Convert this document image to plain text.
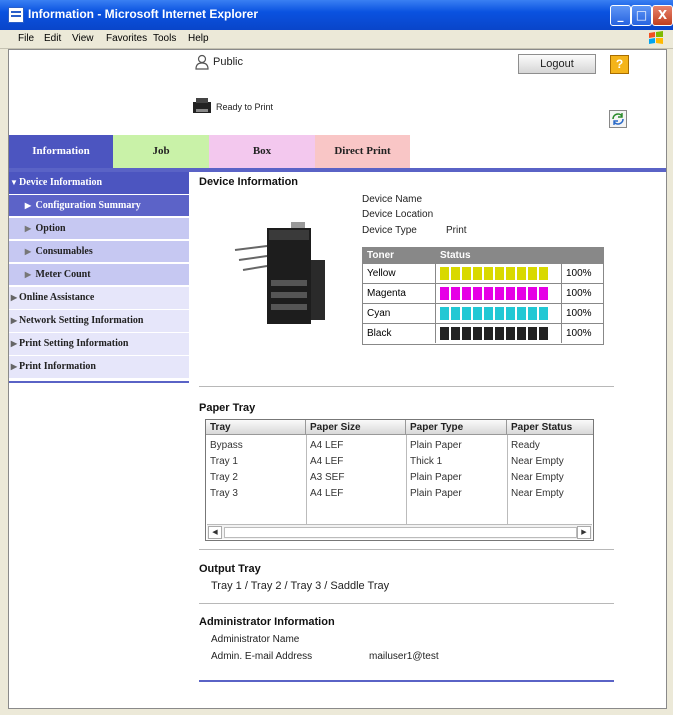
Information - Microsoft Internet Explorer	_	□ X
File Edit View Favorites Tools Help
Public	Logout	?
Ready to Print
Information	Job	Box	Direct Print
▼Device Information
▶ Configuration Summary
▶ Option
▶ Consumables
▶ Meter Count
▶ Online Assistance
▶ Network Setting Information
▶ Print Setting Information
▶ Print Information
Device Information
Device Name
Device Location
Device Type	Print
Toner	Status
Yellow	100%
Magenta	100%
Cyan	100%
Black	100%
Paper Tray
Tray	Paper Size	Paper Type	Paper Status
Bypass	A4 LEF	Plain Paper	Ready
Tray 1	A4 LEF	Thick 1	Near Empty
Tray 2	A3 SEF	Plain Paper	Near Empty
Tray 3	A4 LEF	Plain Paper	Near Empty
◀	▶
Output Tray
Tray 1 / Tray 2 / Tray 3 / Saddle Tray
Administrator Information
Administrator Name
Admin. E-mail Address	mailuser1@test
